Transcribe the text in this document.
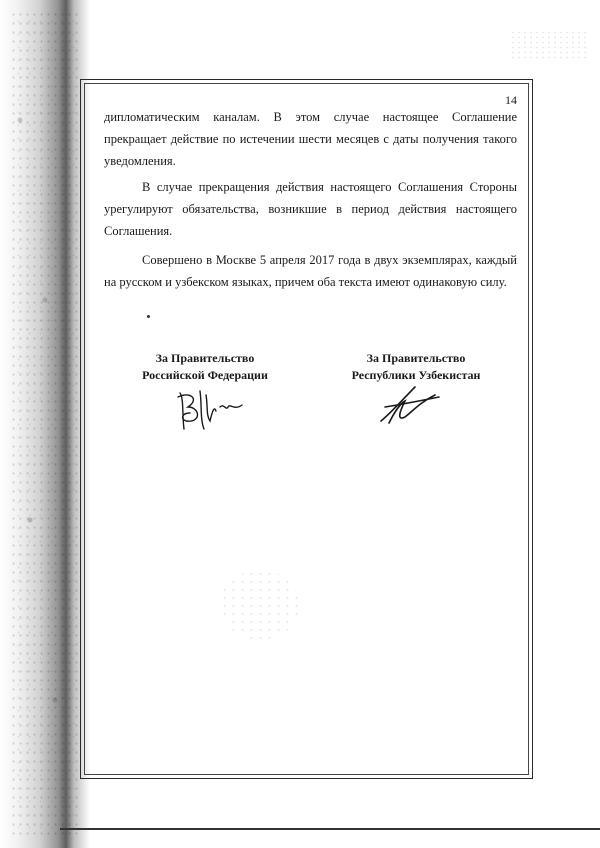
14

дипломатическим каналам. В этом случае настоящее Соглашение прекращает действие по истечении шести месяцев с даты получения такого уведомления.

В случае прекращения действия настоящего Соглашения Стороны урегулируют обязательства, возникшие в период действия настоящего Соглашения.

Совершено в Москве 5 апреля 2017 года в двух экземплярах, каждый на русском и узбекском языках, причем оба текста имеют одинаковую силу.

За Правительство
Российской Федерации
За Правительство
Республики Узбекистан
